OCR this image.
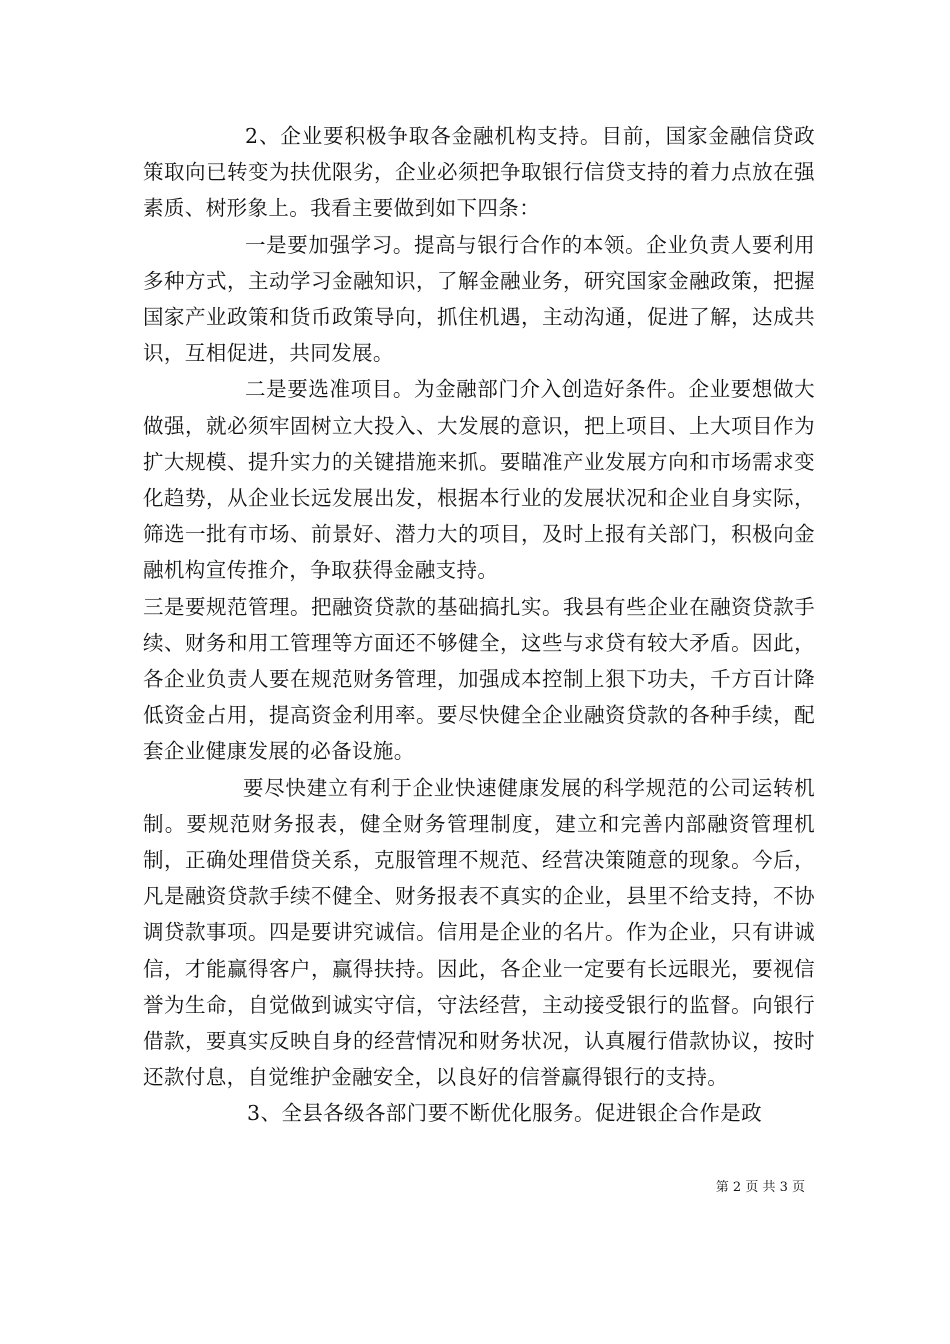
2、企业要积极争取各金融机构支持。目前，国家金融信贷政策取向已转变为扶优限劣，企业必须把争取银行信贷支持的着力点放在强素质、树形象上。我看主要做到如下四条：

一是要加强学习。提高与银行合作的本领。企业负责人要利用多种方式，主动学习金融知识，了解金融业务，研究国家金融政策，把握国家产业政策和货币政策导向，抓住机遇，主动沟通，促进了解，达成共识，互相促进，共同发展。

二是要选准项目。为金融部门介入创造好条件。企业要想做大做强，就必须牢固树立大投入、大发展的意识，把上项目、上大项目作为扩大规模、提升实力的关键措施来抓。要瞄准产业发展方向和市场需求变化趋势，从企业长远发展出发，根据本行业的发展状况和企业自身实际，筛选一批有市场、前景好、潜力大的项目，及时上报有关部门，积极向金融机构宣传推介，争取获得金融支持。

三是要规范管理。把融资贷款的基础搞扎实。我县有些企业在融资贷款手续、财务和用工管理等方面还不够健全，这些与求贷有较大矛盾。因此，各企业负责人要在规范财务管理，加强成本控制上狠下功夫，千方百计降低资金占用，提高资金利用率。要尽快健全企业融资贷款的各种手续，配套企业健康发展的必备设施。

要尽快建立有利于企业快速健康发展的科学规范的公司运转机制。要规范财务报表，健全财务管理制度，建立和完善内部融资管理机制，正确处理借贷关系，克服管理不规范、经营决策随意的现象。今后，凡是融资贷款手续不健全、财务报表不真实的企业，县里不给支持，不协调贷款事项。四是要讲究诚信。信用是企业的名片。作为企业，只有讲诚信，才能赢得客户，赢得扶持。因此，各企业一定要有长远眼光，要视信誉为生命，自觉做到诚实守信，守法经营，主动接受银行的监督。向银行借款，要真实反映自身的经营情况和财务状况，认真履行借款协议，按时还款付息，自觉维护金融安全，以良好的信誉赢得银行的支持。

3、全县各级各部门要不断优化服务。促进银企合作是政

第 2 页 共 3 页
